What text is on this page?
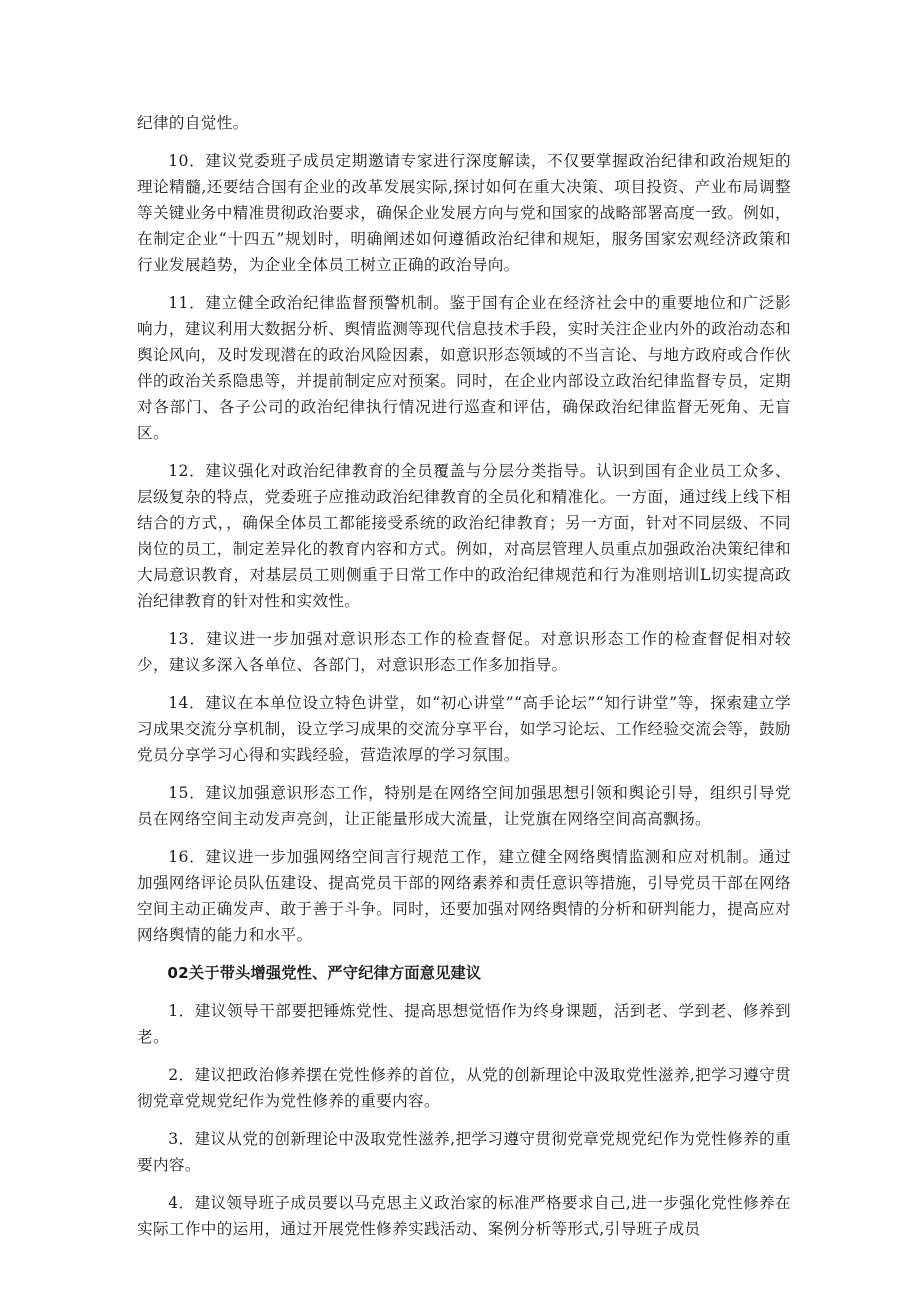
纪律的自觉性。

10．建议党委班子成员定期邀请专家进行深度解读，不仅要掌握政治纪律和政治规矩的理论精髓,还要结合国有企业的改革发展实际,探讨如何在重大决策、项目投资、产业布局调整等关键业务中精准贯彻政治要求，确保企业发展方向与党和国家的战略部署高度一致。例如，在制定企业“十四五”规划时，明确阐述如何遵循政治纪律和规矩，服务国家宏观经济政策和行业发展趋势，为企业全体员工树立正确的政治导向。

11．建立健全政治纪律监督预警机制。鉴于国有企业在经济社会中的重要地位和广泛影响力，建议利用大数据分析、舆情监测等现代信息技术手段，实时关注企业内外的政治动态和舆论风向，及时发现潜在的政治风险因素，如意识形态领域的不当言论、与地方政府或合作伙伴的政治关系隐患等，并提前制定应对预案。同时，在企业内部设立政治纪律监督专员，定期对各部门、各子公司的政治纪律执行情况进行巡查和评估，确保政治纪律监督无死角、无盲区。

12．建议强化对政治纪律教育的全员覆盖与分层分类指导。认识到国有企业员工众多、层级复杂的特点，党委班子应推动政治纪律教育的全员化和精准化。一方面，通过线上线下相结合的方式，，确保全体员工都能接受系统的政治纪律教育；另一方面，针对不同层级、不同岗位的员工，制定差异化的教育内容和方式。例如，对高层管理人员重点加强政治决策纪律和大局意识教育，对基层员工则侧重于日常工作中的政治纪律规范和行为准则培训L切实提高政治纪律教育的针对性和实效性。

13．建议进一步加强对意识形态工作的检查督促。对意识形态工作的检查督促相对较少，建议多深入各单位、各部门，对意识形态工作多加指导。

14．建议在本单位设立特色讲堂，如“初心讲堂”“高手论坛”“知行讲堂”等，探索建立学习成果交流分享机制，设立学习成果的交流分享平台，如学习论坛、工作经验交流会等，鼓励党员分享学习心得和实践经验，营造浓厚的学习氛围。

15．建议加强意识形态工作，特别是在网络空间加强思想引领和舆论引导，组织引导党员在网络空间主动发声亮剑，让正能量形成大流量，让党旗在网络空间高高飘扬。

16．建议进一步加强网络空间言行规范工作，建立健全网络舆情监测和应对机制。通过加强网络评论员队伍建设、提高党员干部的网络素养和责任意识等措施，引导党员干部在网络空间主动正确发声、敢于善于斗争。同时，还要加强对网络舆情的分析和研判能力，提高应对网络舆情的能力和水平。

02关于带头增强党性、严守纪律方面意见建议

1．建议领导干部要把锤炼党性、提高思想觉悟作为终身课题，活到老、学到老、修养到老。

2．建议把政治修养摆在党性修养的首位，从党的创新理论中汲取党性滋养,把学习遵守贯彻党章党规党纪作为党性修养的重要内容。

3．建议从党的创新理论中汲取党性滋养,把学习遵守贯彻党章党规党纪作为党性修养的重要内容。

4．建议领导班子成员要以马克思主义政治家的标准严格要求自己,进一步强化党性修养在实际工作中的运用，通过开展党性修养实践活动、案例分析等形式,引导班子成员
